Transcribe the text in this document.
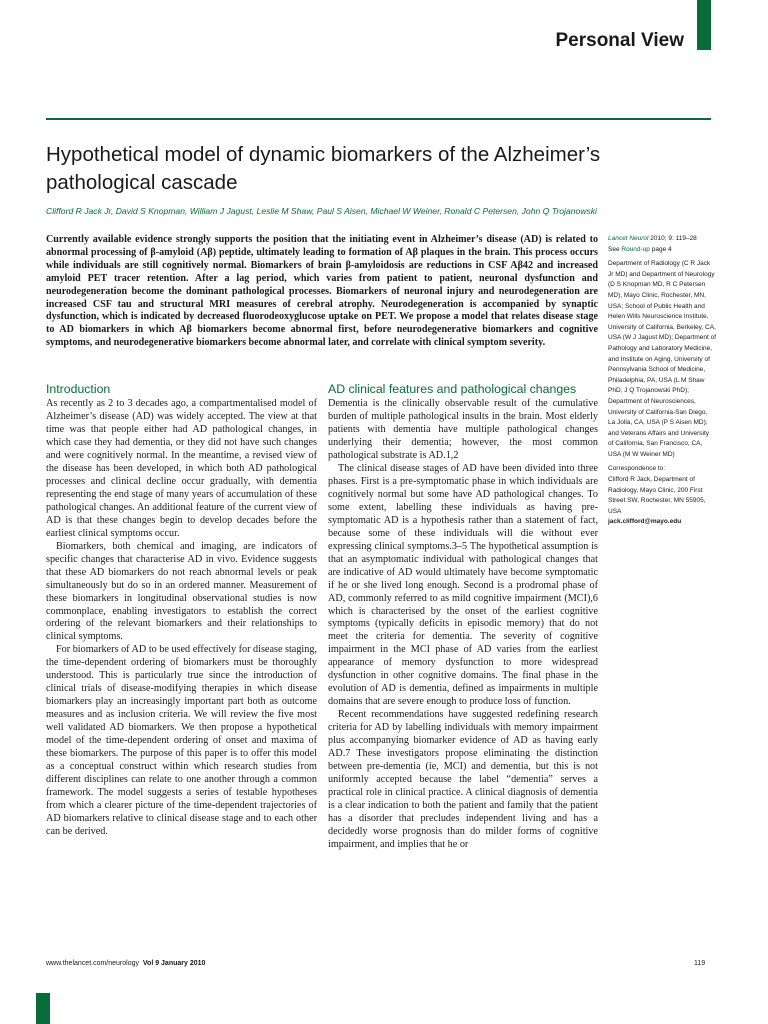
Personal View
Hypothetical model of dynamic biomarkers of the Alzheimer’s pathological cascade
Clifford R Jack Jr, David S Knopman, William J Jagust, Leslie M Shaw, Paul S Aisen, Michael W Weiner, Ronald C Petersen, John Q Trojanowski

Currently available evidence strongly supports the position that the initiating event in Alzheimer’s disease (AD) is related to abnormal processing of β-amyloid (Aβ) peptide, ultimately leading to formation of Aβ plaques in the brain. This process occurs while individuals are still cognitively normal. Biomarkers of brain β-amyloidosis are reductions in CSF Aβ42 and increased amyloid PET tracer retention. After a lag period, which varies from patient to patient, neuronal dysfunction and neurodegeneration become the dominant pathological processes. Biomarkers of neuronal injury and neurodegeneration are increased CSF tau and structural MRI measures of cerebral atrophy. Neurodegeneration is accompanied by synaptic dysfunction, which is indicated by decreased fluorodeoxyglucose uptake on PET. We propose a model that relates disease stage to AD biomarkers in which Aβ biomarkers become abnormal first, before neurodegenerative biomarkers and cognitive symptoms, and neurodegenerative biomarkers become abnormal later, and correlate with clinical symptom severity.

Introduction

As recently as 2 to 3 decades ago, a compartmentalised model of Alzheimer’s disease (AD) was widely accepted. The view at that time was that people either had AD pathological changes, in which case they had dementia, or they did not have such changes and were cognitively normal. In the meantime, a revised view of the disease has been developed, in which both AD pathological processes and clinical decline occur gradually, with dementia representing the end stage of many years of accumulation of these pathological changes. An additional feature of the current view of AD is that these changes begin to develop decades before the earliest clinical symptoms occur.

Biomarkers, both chemical and imaging, are indicators of specific changes that characterise AD in vivo. Evidence suggests that these AD biomarkers do not reach abnormal levels or peak simultaneously but do so in an ordered manner. Measurement of these biomarkers in longitudinal observational studies is now commonplace, enabling investigators to establish the correct ordering of the relevant biomarkers and their relationships to clinical symptoms.

For biomarkers of AD to be used effectively for disease staging, the time-dependent ordering of biomarkers must be thoroughly understood. This is particularly true since the introduction of clinical trials of disease-modifying therapies in which disease biomarkers play an increasingly important part both as outcome measures and as inclusion criteria. We will review the five most well validated AD biomarkers. We then propose a hypothetical model of the time-dependent ordering of onset and maxima of these biomarkers. The purpose of this paper is to offer this model as a conceptual construct within which research studies from different disciplines can relate to one another through a common framework. The model suggests a series of testable hypotheses from which a clearer picture of the time-dependent trajectories of AD biomarkers relative to clinical disease stage and to each other can be derived.

AD clinical features and pathological changes

Dementia is the clinically observable result of the cumulative burden of multiple pathological insults in the brain. Most elderly patients with dementia have multiple pathological changes underlying their dementia; however, the most common pathological substrate is AD.1,2

The clinical disease stages of AD have been divided into three phases. First is a pre-symptomatic phase in which individuals are cognitively normal but some have AD pathological changes. To some extent, labelling these individuals as having pre-symptomatic AD is a hypothesis rather than a statement of fact, because some of these individuals will die without ever expressing clinical symptoms.3–5 The hypothetical assumption is that an asymptomatic individual with pathological changes that are indicative of AD would ultimately have become symptomatic if he or she lived long enough. Second is a prodromal phase of AD, commonly referred to as mild cognitive impairment (MCI),6 which is characterised by the onset of the earliest cognitive symptoms (typically deficits in episodic memory) that do not meet the criteria for dementia. The severity of cognitive impairment in the MCI phase of AD varies from the earliest appearance of memory dysfunction to more widespread dysfunction in other cognitive domains. The final phase in the evolution of AD is dementia, defined as impairments in multiple domains that are severe enough to produce loss of function.

Recent recommendations have suggested redefining research criteria for AD by labelling individuals with memory impairment plus accompanying biomarker evidence of AD as having early AD.7 These investigators propose eliminating the distinction between pre-dementia (ie, MCI) and dementia, but this is not uniformly accepted because the label “dementia” serves a practical role in clinical practice. A clinical diagnosis of dementia is a clear indication to both the patient and family that the patient has a disorder that precludes independent living and has a decidedly worse prognosis than do milder forms of cognitive impairment, and implies that he or

Lancet Neurol 2010; 9: 119–28
See Round-up page 4
Department of Radiology (C R Jack Jr MD) and Department of Neurology (D S Knopman MD, R C Petersen MD), Mayo Clinic, Rochester, MN, USA; School of Public Health and Helen Wills Neuroscience Institute, University of California, Berkeley, CA, USA (W J Jagust MD); Department of Pathology and Laboratory Medicine, and Institute on Aging, University of Pennsylvania School of Medicine, Philadelphia, PA, USA (L M Shaw PhD, J Q Trojanowski PhD); Department of Neurosciences, University of California-San Diego, La Jolla, CA, USA (P S Aisen MD); and Veterans Affairs and University of California, San Francisco, CA, USA (M W Weiner MD)
Correspondence to:
Clifford R Jack, Department of Radiology, Mayo Clinic, 200 First Street SW, Rochester, MN 55905, USA
jack.clifford@mayo.edu
www.thelancet.com/neurology Vol 9 January 2010	119
